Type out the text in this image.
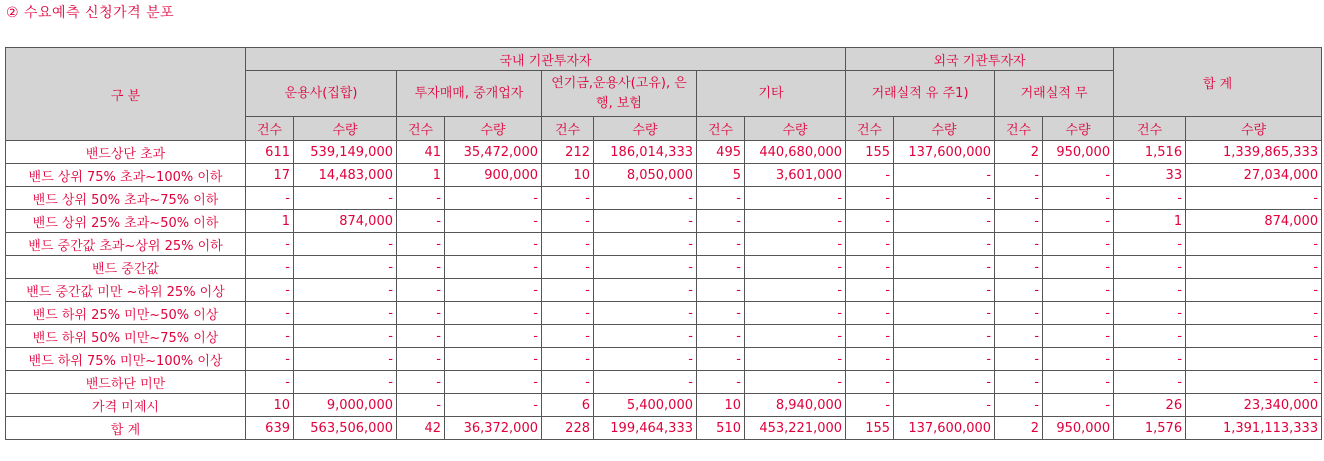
② 수요예측 신청가격 분포
구 분	국내 기관투자자								외국 기관투자자				합 계	
	운용사(집합)		투자매매, 중개업자		연기금,운용사(고유), 은행, 보험		기타		거래실적 유 주1)		거래실적 무			
	건수	수량	건수	수량	건수	수량	건수	수량	건수	수량	건수	수량	건수	수량
밴드상단 초과	611	539,149,000	41	35,472,000	212	186,014,333	495	440,680,000	155	137,600,000	2	950,000	1,516	1,339,865,333
밴드 상위 75% 초과~100% 이하	17	14,483,000	1	900,000	10	8,050,000	5	3,601,000	-	-	-	-	33	27,034,000
밴드 상위 50% 초과~75% 이하	-	-	-	-	-	-	-	-	-	-	-	-	-	-
밴드 상위 25% 초과~50% 이하	1	874,000	-	-	-	-	-	-	-	-	-	-	1	874,000
밴드 중간값 초과~상위 25% 이하	-	-	-	-	-	-	-	-	-	-	-	-	-	-
밴드 중간값	-	-	-	-	-	-	-	-	-	-	-	-	-	-
밴드 중간값 미만 ~하위 25% 이상	-	-	-	-	-	-	-	-	-	-	-	-	-	-
밴드 하위 25% 미만~50% 이상	-	-	-	-	-	-	-	-	-	-	-	-	-	-
밴드 하위 50% 미만~75% 이상	-	-	-	-	-	-	-	-	-	-	-	-	-	-
밴드 하위 75% 미만~100% 이상	-	-	-	-	-	-	-	-	-	-	-	-	-	-
밴드하단 미만	-	-	-	-	-	-	-	-	-	-	-	-	-	-
가격 미제시	10	9,000,000	-	-	6	5,400,000	10	8,940,000	-	-	-	-	26	23,340,000
합 계	639	563,506,000	42	36,372,000	228	199,464,333	510	453,221,000	155	137,600,000	2	950,000	1,576	1,391,113,333
